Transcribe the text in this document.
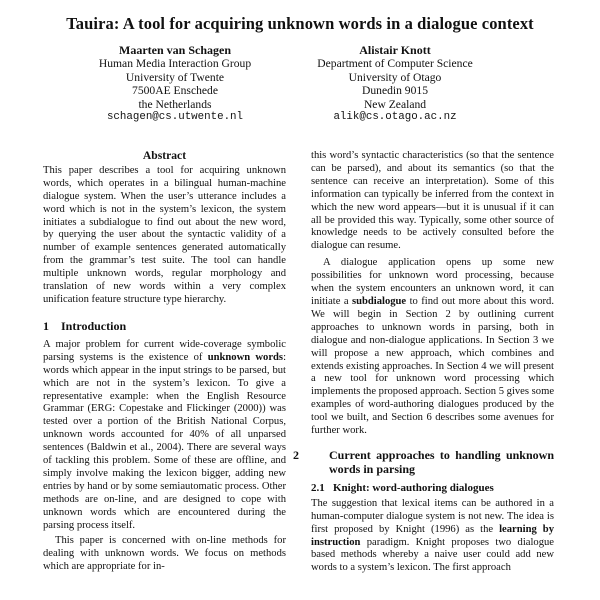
Tauira: A tool for acquiring unknown words in a dialogue context
Maarten van Schagen
Human Media Interaction Group
University of Twente
7500AE Enschede
the Netherlands
schagen@cs.utwente.nl
Alistair Knott
Department of Computer Science
University of Otago
Dunedin 9015
New Zealand
alik@cs.otago.ac.nz
Abstract

This paper describes a tool for acquiring unknown words, which operates in a bilingual human-machine dialogue system. When the user’s utterance includes a word which is not in the system’s lexicon, the system initiates a subdialogue to find out about the new word, by querying the user about the syntactic validity of a number of example sentences generated automatically from the grammar’s test suite. The tool can handle multiple unknown words, regular morphology and translation of new words within a very complex unification feature structure type hierarchy.

1 Introduction

A major problem for current wide-coverage symbolic parsing systems is the existence of unknown words: words which appear in the input strings to be parsed, but which are not in the system’s lexicon. To give a representative example: when the English Resource Grammar (ERG: Copestake and Flickinger (2000)) was tested over a portion of the British National Corpus, unknown words accounted for 40% of all unparsed sentences (Baldwin et al., 2004). There are several ways of tackling this problem. Some of these are offline, and simply involve making the lexicon bigger, adding new entries by hand or by some semiautomatic process. Other methods are on-line, and are designed to cope with unknown words which are encountered during the parsing process itself.

This paper is concerned with on-line methods for dealing with unknown words. We focus on methods which are appropriate for in-

this word’s syntactic characteristics (so that the sentence can be parsed), and about its semantics (so that the sentence can receive an interpretation). Some of this information can typically be inferred from the context in which the new word appears—but it is unusual if it can all be provided this way. Typically, some other source of knowledge needs to be actively consulted before the dialogue can resume.

A dialogue application opens up some new possibilities for unknown word processing, because when the system encounters an unknown word, it can initiate a subdialogue to find out more about this word. We will begin in Section 2 by outlining current approaches to unknown words in parsing, both in dialogue and non-dialogue applications. In Section 3 we will propose a new approach, which combines and extends existing approaches. In Section 4 we will present a new tool for unknown word processing which implements the proposed approach. Section 5 gives some examples of word-authoring dialogues produced by the tool we built, and Section 6 describes some avenues for further work.

2	Current approaches to handling unknown words in parsing
2.1 Knight: word-authoring dialogues

The suggestion that lexical items can be authored in a human-computer dialogue system is not new. The idea is first proposed by Knight (1996) as the learning by instruction paradigm. Knight proposes two dialogue based methods whereby a naive user could add new words to a system’s lexicon. The first approach
